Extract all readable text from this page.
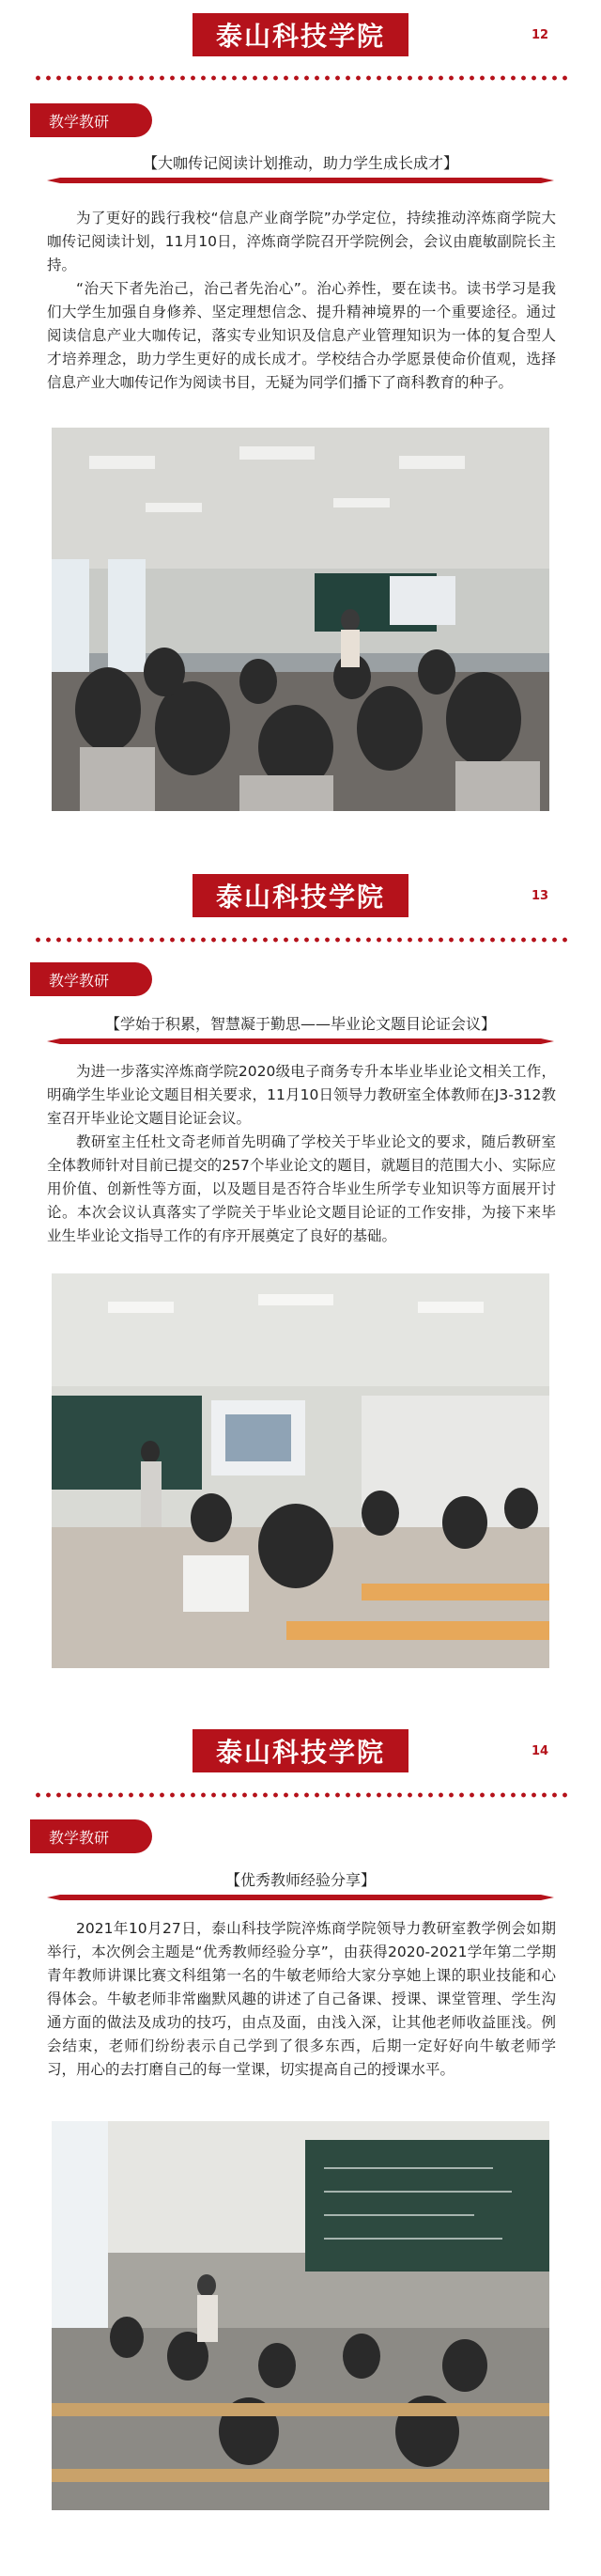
泰山科技学院	12
教学教研
【大咖传记阅读计划推动，助力学生成长成才】

为了更好的践行我校“信息产业商学院”办学定位，持续推动淬炼商学院大咖传记阅读计划，11月10日，淬炼商学院召开学院例会，会议由鹿敏副院长主持。

“治天下者先治己，治己者先治心”。治心养性，要在读书。读书学习是我们大学生加强自身修养、坚定理想信念、提升精神境界的一个重要途径。通过阅读信息产业大咖传记，落实专业知识及信息产业管理知识为一体的复合型人才培养理念，助力学生更好的成长成才。学校结合办学愿景使命价值观，选择信息产业大咖传记作为阅读书目，无疑为同学们播下了商科教育的种子。

泰山科技学院	13
教学教研
【学始于积累，智慧凝于勤思——毕业论文题目论证会议】

为进一步落实淬炼商学院2020级电子商务专升本毕业毕业论文相关工作，明确学生毕业论文题目相关要求，11月10日领导力教研室全体教师在J3-312教室召开毕业论文题目论证会议。

教研室主任杜文奇老师首先明确了学校关于毕业论文的要求，随后教研室全体教师针对目前已提交的257个毕业论文的题目，就题目的范围大小、实际应用价值、创新性等方面，以及题目是否符合毕业生所学专业知识等方面展开讨论。本次会议认真落实了学院关于毕业论文题目论证的工作安排，为接下来毕业生毕业论文指导工作的有序开展奠定了良好的基础。

泰山科技学院	14
教学教研
【优秀教师经验分享】

2021年10月27日，泰山科技学院淬炼商学院领导力教研室教学例会如期举行，本次例会主题是“优秀教师经验分享”，由获得2020-2021学年第二学期青年教师讲课比赛文科组第一名的牛敏老师给大家分享她上课的职业技能和心得体会。牛敏老师非常幽默风趣的讲述了自己备课、授课、课堂管理、学生沟通方面的做法及成功的技巧，由点及面，由浅入深，让其他老师收益匪浅。例会结束，老师们纷纷表示自己学到了很多东西，后期一定好好向牛敏老师学习，用心的去打磨自己的每一堂课，切实提高自己的授课水平。
